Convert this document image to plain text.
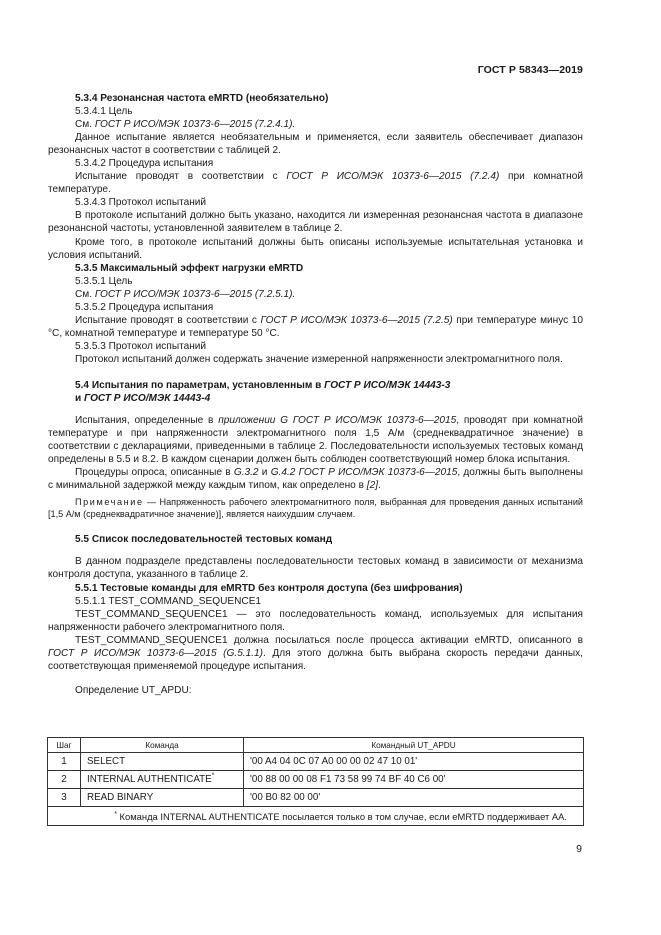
ГОСТ Р 58343—2019

5.3.4 Резонансная частота eMRTD (необязательно)

5.3.4.1 Цель

См. ГОСТ Р ИСО/МЭК 10373-6—2015 (7.2.4.1).

Данное испытание является необязательным и применяется, если заявитель обеспечивает диапазон резонансных частот в соответствии с таблицей 2.

5.3.4.2 Процедура испытания

Испытание проводят в соответствии с ГОСТ Р ИСО/МЭК 10373-6—2015 (7.2.4) при комнатной температуре.

5.3.4.3 Протокол испытаний

В протоколе испытаний должно быть указано, находится ли измеренная резонансная частота в диапазоне резонансной частоты, установленной заявителем в таблице 2.

Кроме того, в протоколе испытаний должны быть описаны используемые испытательная установка и условия испытаний.

5.3.5 Максимальный эффект нагрузки eMRTD

5.3.5.1 Цель

См. ГОСТ Р ИСО/МЭК 10373-6—2015 (7.2.5.1).

5.3.5.2 Процедура испытания

Испытание проводят в соответствии с ГОСТ Р ИСО/МЭК 10373-6—2015 (7.2.5) при температуре минус 10 °С, комнатной температуре и температуре 50 °С.

5.3.5.3 Протокол испытаний

Протокол испытаний должен содержать значение измеренной напряженности электромагнитного поля.

5.4 Испытания по параметрам, установленным в ГОСТ Р ИСО/МЭК 14443-3
и ГОСТ Р ИСО/МЭК 14443-4

Испытания, определенные в приложении G ГОСТ Р ИСО/МЭК 10373-6—2015, проводят при комнатной температуре и при напряженности электромагнитного поля 1,5 А/м (среднеквадратичное значение) в соответствии с декларациями, приведенными в таблице 2. Последовательности используемых тестовых команд определены в 5.5 и 8.2. В каждом сценарии должен быть соблюден соответствующий номер блока испытания.

Процедуры опроса, описанные в G.3.2 и G.4.2 ГОСТ Р ИСО/МЭК 10373-6—2015, должны быть выполнены с минимальной задержкой между каждым типом, как определено в [2].

Примечание — Напряженность рабочего электромагнитного поля, выбранная для проведения данных испытаний [1,5 А/м (среднеквадратичное значение)], является наихудшим случаем.

5.5 Список последовательностей тестовых команд

В данном подразделе представлены последовательности тестовых команд в зависимости от механизма контроля доступа, указанного в таблице 2.

5.5.1 Тестовые команды для eMRTD без контроля доступа (без шифрования)

5.5.1.1 TEST_COMMAND_SEQUENCE1

TEST_COMMAND_SEQUENCE1 — это последовательность команд, используемых для испытания напряженности рабочего электромагнитного поля.

TEST_COMMAND_SEQUENCE1 должна посылаться после процесса активации eMRTD, описанного в ГОСТ Р ИСО/МЭК 10373-6—2015 (G.5.1.1). Для этого должна быть выбрана скорость передачи данных, соответствующая применяемой процедуре испытания.

Определение UT_APDU:

Шаг	Команда	Командный UT_APDU
1	SELECT	'00 A4 04 0C 07 A0 00 00 02 47 10 01'
2	INTERNAL AUTHENTICATE*	'00 88 00 00 08 F1 73 58 99 74 BF 40 C6 00'
3	READ BINARY	'00 B0 82 00 00'
* Команда INTERNAL AUTHENTICATE посылается только в том случае, если eMRTD поддерживает АА.		
9
